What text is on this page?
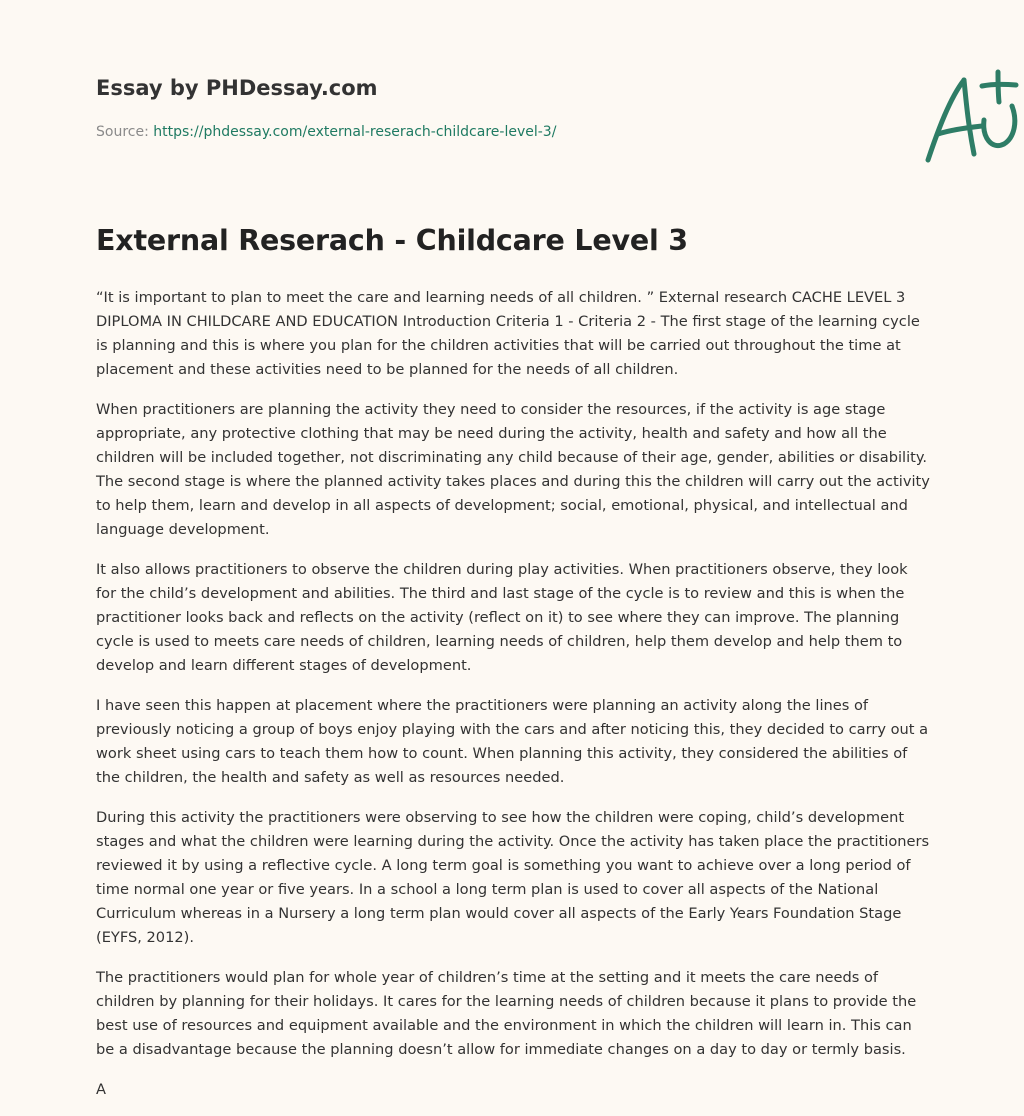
Essay by PHDessay.com
Source: https://phdessay.com/external-reserach-childcare-level-3/
External Reserach - Childcare Level 3

“It is important to plan to meet the care and learning needs of all children. ” External research CACHE LEVEL 3 DIPLOMA IN CHILDCARE AND EDUCATION Introduction Criteria 1 - Criteria 2 - The first stage of the learning cycle is planning and this is where you plan for the children activities that will be carried out throughout the time at placement and these activities need to be planned for the needs of all children.

When practitioners are planning the activity they need to consider the resources, if the activity is age stage appropriate, any protective clothing that may be need during the activity, health and safety and how all the children will be included together, not discriminating any child because of their age, gender, abilities or disability. The second stage is where the planned activity takes places and during this the children will carry out the activity to help them, learn and develop in all aspects of development; social, emotional, physical, and intellectual and language development.

It also allows practitioners to observe the children during play activities. When practitioners observe, they look for the child’s development and abilities. The third and last stage of the cycle is to review and this is when the practitioner looks back and reflects on the activity (reflect on it) to see where they can improve. The planning cycle is used to meets care needs of children, learning needs of children, help them develop and help them to develop and learn different stages of development.

I have seen this happen at placement where the practitioners were planning an activity along the lines of previously noticing a group of boys enjoy playing with the cars and after noticing this, they decided to carry out a work sheet using cars to teach them how to count. When planning this activity, they considered the abilities of the children, the health and safety as well as resources needed.

During this activity the practitioners were observing to see how the children were coping, child’s development stages and what the children were learning during the activity. Once the activity has taken place the practitioners reviewed it by using a reflective cycle. A long term goal is something you want to achieve over a long period of time normal one year or five years. In a school a long term plan is used to cover all aspects of the National Curriculum whereas in a Nursery a long term plan would cover all aspects of the Early Years Foundation Stage (EYFS, 2012).

The practitioners would plan for whole year of children’s time at the setting and it meets the care needs of children by planning for their holidays. It cares for the learning needs of children because it plans to provide the best use of resources and equipment available and the environment in which the children will learn in. This can be a disadvantage because the planning doesn’t allow for immediate changes on a day to day or termly basis.

A
